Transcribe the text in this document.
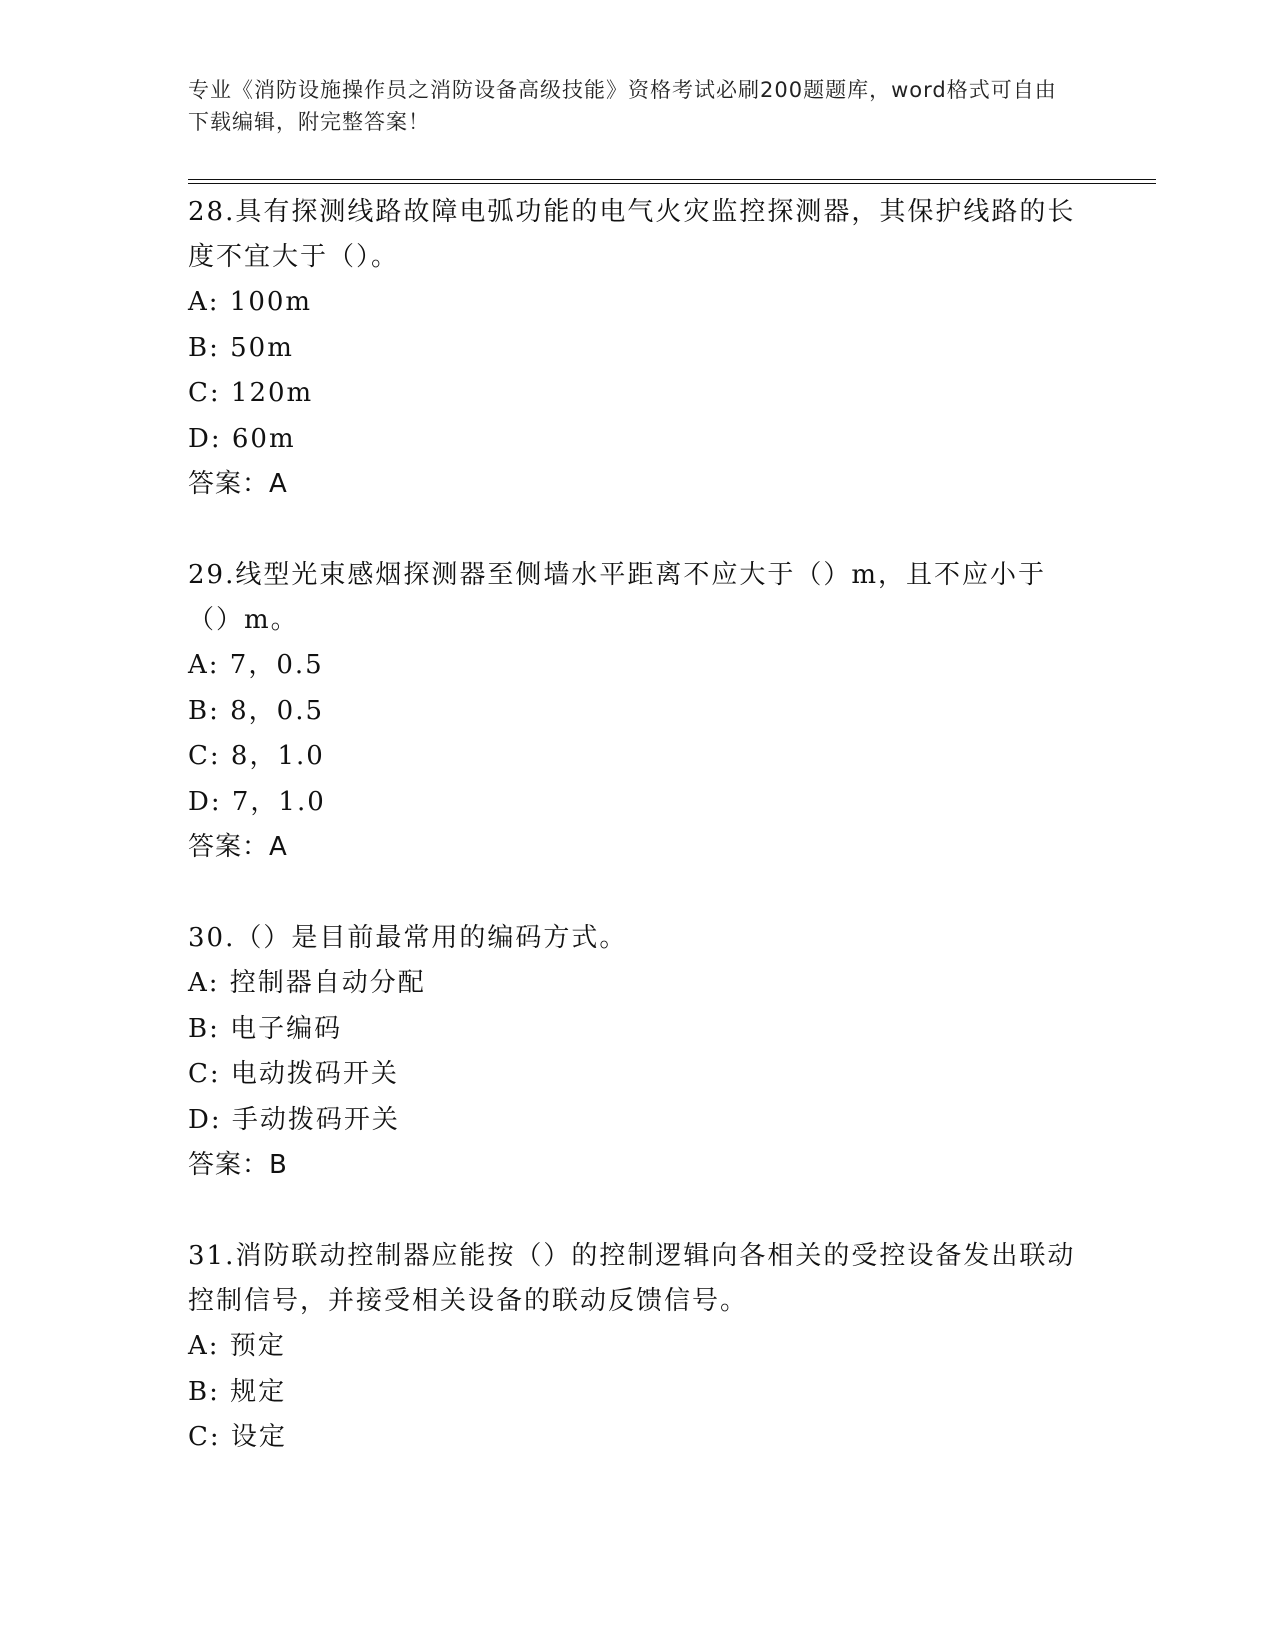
专业《消防设施操作员之消防设备高级技能》资格考试必刷200题题库，word格式可自由下载编辑，附完整答案！

28.具有探测线路故障电弧功能的电气火灾监控探测器，其保护线路的长度不宜大于（）。

A: 100m

B: 50m

C: 120m

D: 60m

答案：A

29.线型光束感烟探测器至侧墙水平距离不应大于（）m，且不应小于（）m。

A: 7，0.5

B: 8，0.5

C: 8，1.0

D: 7，1.0

答案：A

30.（）是目前最常用的编码方式。

A: 控制器自动分配

B: 电子编码

C: 电动拨码开关

D: 手动拨码开关

答案：B

31.消防联动控制器应能按（）的控制逻辑向各相关的受控设备发出联动控制信号，并接受相关设备的联动反馈信号。

A: 预定

B: 规定

C: 设定
